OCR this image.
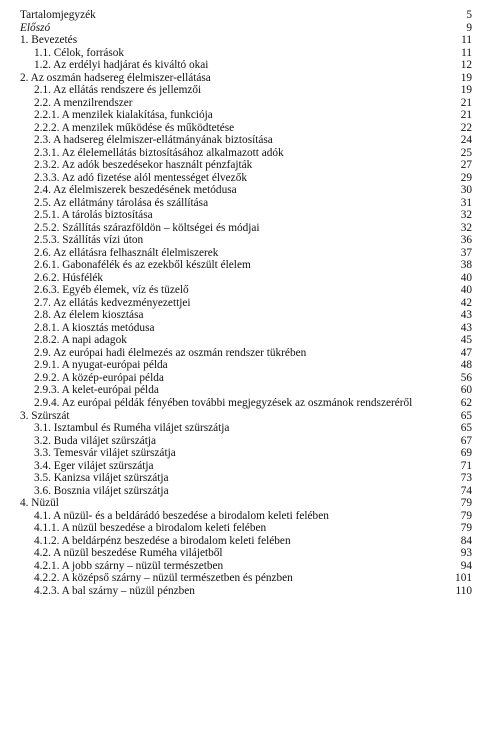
Tartalomjegyzék	5
Előszó	9
1. Bevezetés	11
1.1. Célok, források	11
1.2. Az erdélyi hadjárat és kiváltó okai	12
2. Az oszmán hadsereg élelmiszer-ellátása	19
2.1. Az ellátás rendszere és jellemzői	19
2.2. A menzilrendszer	21
2.2.1. A menzilek kialakítása, funkciója	21
2.2.2. A menzilek működése és működtetése	22
2.3. A hadsereg élelmiszer-ellátmányának biztosítása	24
2.3.1. Az élelemellátás biztosításához alkalmazott adók	25
2.3.2. Az adók beszedésekor használt pénzfajták	27
2.3.3. Az adó fizetése alól mentességet élvezők	29
2.4. Az élelmiszerek beszedésének metódusa	30
2.5. Az ellátmány tárolása és szállítása	31
2.5.1. A tárolás biztosítása	32
2.5.2. Szállítás szárazföldön – költségei és módjai	32
2.5.3. Szállítás vízi úton	36
2.6. Az ellátásra felhasznált élelmiszerek	37
2.6.1. Gabonafélék és az ezekből készült élelem	38
2.6.2. Húsfélék	40
2.6.3. Egyéb élemek, víz és tüzelő	40
2.7. Az ellátás kedvezményezettjei	42
2.8. Az élelem kiosztása	43
2.8.1. A kiosztás metódusa	43
2.8.2. A napi adagok	45
2.9. Az európai hadi élelmezés az oszmán rendszer tükrében	47
2.9.1. A nyugat-európai példa	48
2.9.2. A közép-európai példa	56
2.9.3. A kelet-európai példa	60
2.9.4. Az európai példák fényében további megjegyzések az oszmánok rendszeréről	62
3. Szürszát	65
3.1. Isztambul és Ruméha vilájet szürszátja	65
3.2. Buda vilájet szürszátja	67
3.3. Temesvár vilájet szürszátja	69
3.4. Eger vilájet szürszátja	71
3.5. Kanizsa vilájet szürszátja	73
3.6. Bosznia vilájet szürszátja	74
4. Nüzül	79
4.1. A nüzül- és a beldárádó beszedése a birodalom keleti felében	79
4.1.1. A nüzül beszedése a birodalom keleti felében	79
4.1.2. A beldárpénz beszedése a birodalom keleti felében	84
4.2. A nüzül beszedése Ruméha vilájetből	93
4.2.1. A jobb szárny – nüzül természetben	94
4.2.2. A középső szárny – nüzül természetben és pénzben	101
4.2.3. A bal szárny – nüzül pénzben	110
